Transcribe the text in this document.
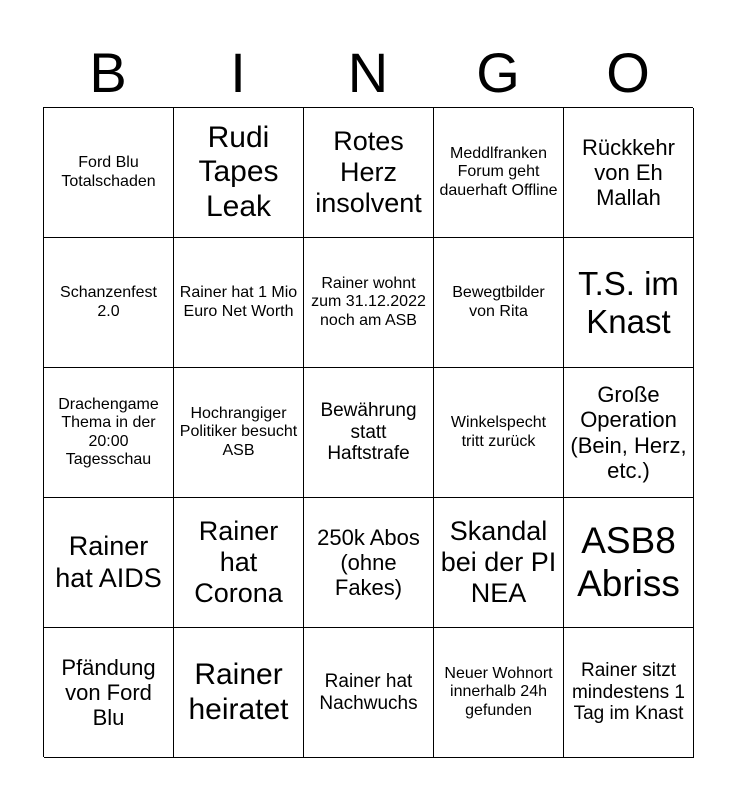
B	I	N	G	O
Ford Blu Totalschaden
Rudi Tapes Leak
Rotes Herz insolvent
Meddlfranken Forum geht dauerhaft Offline
Rückkehr von Eh Mallah
Schanzenfest 2.0
Rainer hat 1 Mio Euro Net Worth
Rainer wohnt zum 31.12.2022 noch am ASB
Bewegtbilder von Rita
T.S. im Knast
Drachengame Thema in der 20:00 Tagesschau
Hochrangiger Politiker besucht ASB
Bewährung statt Haftstrafe
Winkelspecht tritt zurück
Große Operation (Bein, Herz, etc.)
Rainer hat AIDS
Rainer hat Corona
250k Abos (ohne Fakes)
Skandal bei der PI NEA
ASB8 Abriss
Pfändung von Ford Blu
Rainer heiratet
Rainer hat Nachwuchs
Neuer Wohnort innerhalb 24h gefunden
Rainer sitzt mindestens 1 Tag im Knast
